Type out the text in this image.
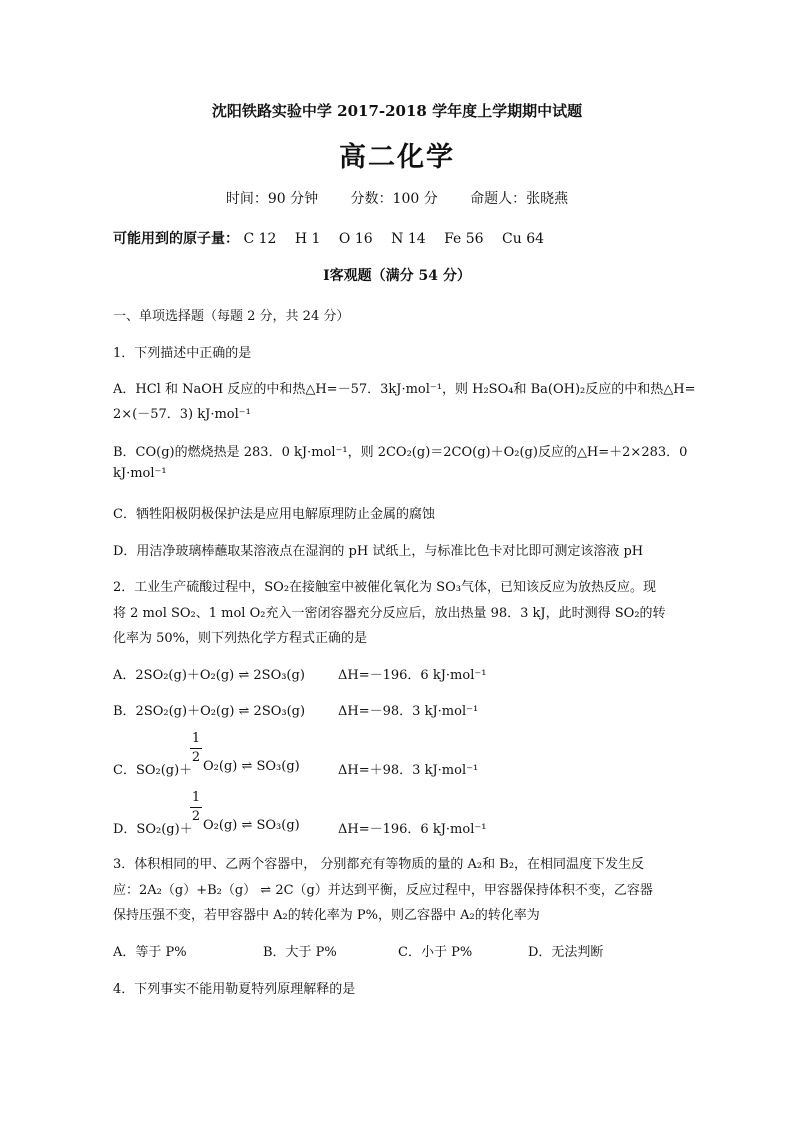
沈阳铁路实验中学 2017-2018 学年度上学期期中试题
高二化学
时间：90 分钟 分数：100 分 命题人：张晓燕
可能用到的原子量： C 12 H 1 O 16 N 14 Fe 56 Cu 64
Ⅰ客观题（满分 54 分）
一、单项选择题（每题 2 分，共 24 分）
1．下列描述中正确的是
A．HCl 和 NaOH 反应的中和热△H=－57．3kJ·mol⁻¹，则 H₂SO₄和 Ba(OH)₂反应的中和热△H=
2×(－57．3) kJ·mol⁻¹
B．CO(g)的燃烧热是 283．0 kJ·mol⁻¹，则 2CO₂(g)＝2CO(g)＋O₂(g)反应的△H=＋2×283．0
kJ·mol⁻¹
C．牺牲阳极阴极保护法是应用电解原理防止金属的腐蚀
D．用洁净玻璃棒蘸取某溶液点在湿润的 pH 试纸上，与标准比色卡对比即可测定该溶液 pH
2．工业生产硫酸过程中，SO₂在接触室中被催化氧化为 SO₃气体，已知该反应为放热反应。现
将 2 mol SO₂、1 mol O₂充入一密闭容器充分反应后，放出热量 98．3 kJ，此时测得 SO₂的转
化率为 50%，则下列热化学方程式正确的是
A．2SO₂(g)＋O₂(g) ⇌ 2SO₃(g)	ΔH=－196．6 kJ·mol⁻¹
B．2SO₂(g)＋O₂(g) ⇌ 2SO₃(g)	ΔH=－98．3 kJ·mol⁻¹
1
2
C．SO₂(g)＋ O₂(g) ⇌ SO₃(g)	ΔH=＋98．3 kJ·mol⁻¹
1
2
D．SO₂(g)＋ O₂(g) ⇌ SO₃(g)	ΔH=－196．6 kJ·mol⁻¹
3．体积相同的甲、乙两个容器中， 分别都充有等物质的量的 A₂和 B₂，在相同温度下发生反
应：2A₂（g）+B₂（g） ⇌ 2C（g）并达到平衡，反应过程中，甲容器保持体积不变，乙容器
保持压强不变，若甲容器中 A₂的转化率为 P%，则乙容器中 A₂的转化率为
A．等于 P%	B．大于 P%	C．小于 P%	D．无法判断
4．下列事实不能用勒夏特列原理解释的是
